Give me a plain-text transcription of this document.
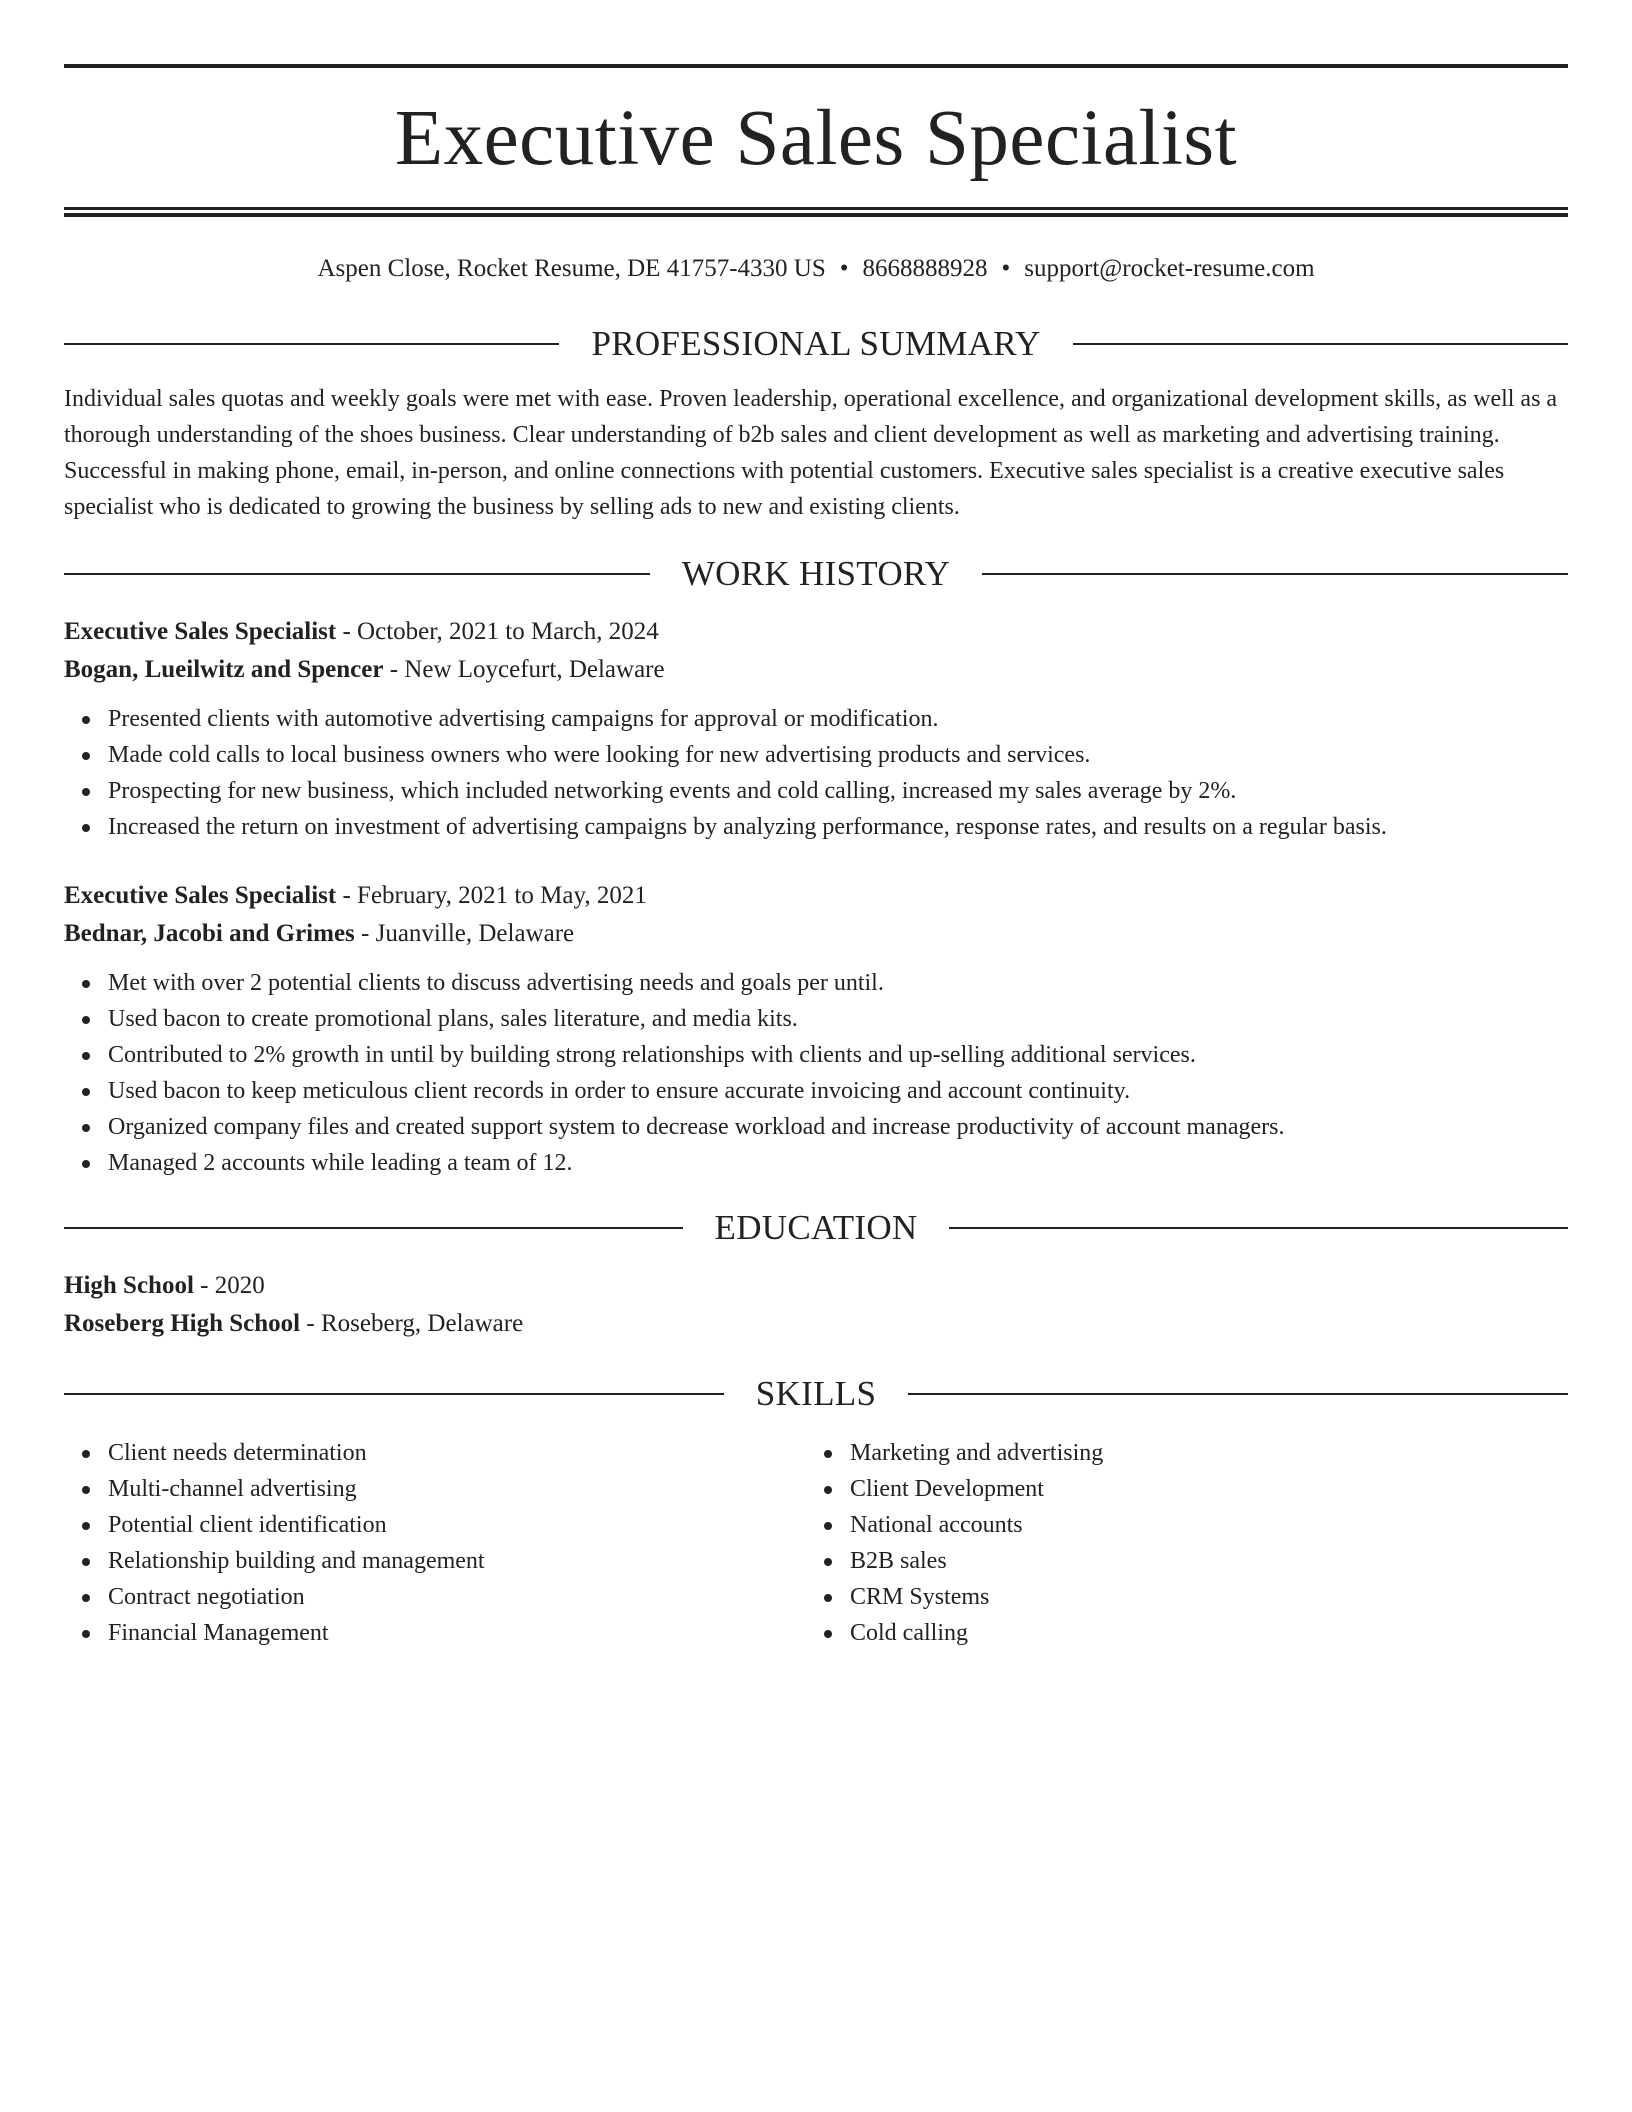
Executive Sales Specialist
Aspen Close, Rocket Resume, DE 41757-4330 US • 8668888928 • support@rocket-resume.com
PROFESSIONAL SUMMARY

Individual sales quotas and weekly goals were met with ease. Proven leadership, operational excellence, and organizational development skills, as well as a thorough understanding of the shoes business. Clear understanding of b2b sales and client development as well as marketing and advertising training. Successful in making phone, email, in-person, and online connections with potential customers. Executive sales specialist is a creative executive sales specialist who is dedicated to growing the business by selling ads to new and existing clients.

WORK HISTORY
Executive Sales Specialist - October, 2021 to March, 2024
Bogan, Lueilwitz and Spencer - New Loycefurt, Delaware
Presented clients with automotive advertising campaigns for approval or modification.
Made cold calls to local business owners who were looking for new advertising products and services.
Prospecting for new business, which included networking events and cold calling, increased my sales average by 2%.
Increased the return on investment of advertising campaigns by analyzing performance, response rates, and results on a regular basis.
Executive Sales Specialist - February, 2021 to May, 2021
Bednar, Jacobi and Grimes - Juanville, Delaware
Met with over 2 potential clients to discuss advertising needs and goals per until.
Used bacon to create promotional plans, sales literature, and media kits.
Contributed to 2% growth in until by building strong relationships with clients and up-selling additional services.
Used bacon to keep meticulous client records in order to ensure accurate invoicing and account continuity.
Organized company files and created support system to decrease workload and increase productivity of account managers.
Managed 2 accounts while leading a team of 12.
EDUCATION
High School - 2020
Roseberg High School - Roseberg, Delaware
SKILLS
Client needs determination
Multi-channel advertising
Potential client identification
Relationship building and management
Contract negotiation
Financial Management
Marketing and advertising
Client Development
National accounts
B2B sales
CRM Systems
Cold calling
